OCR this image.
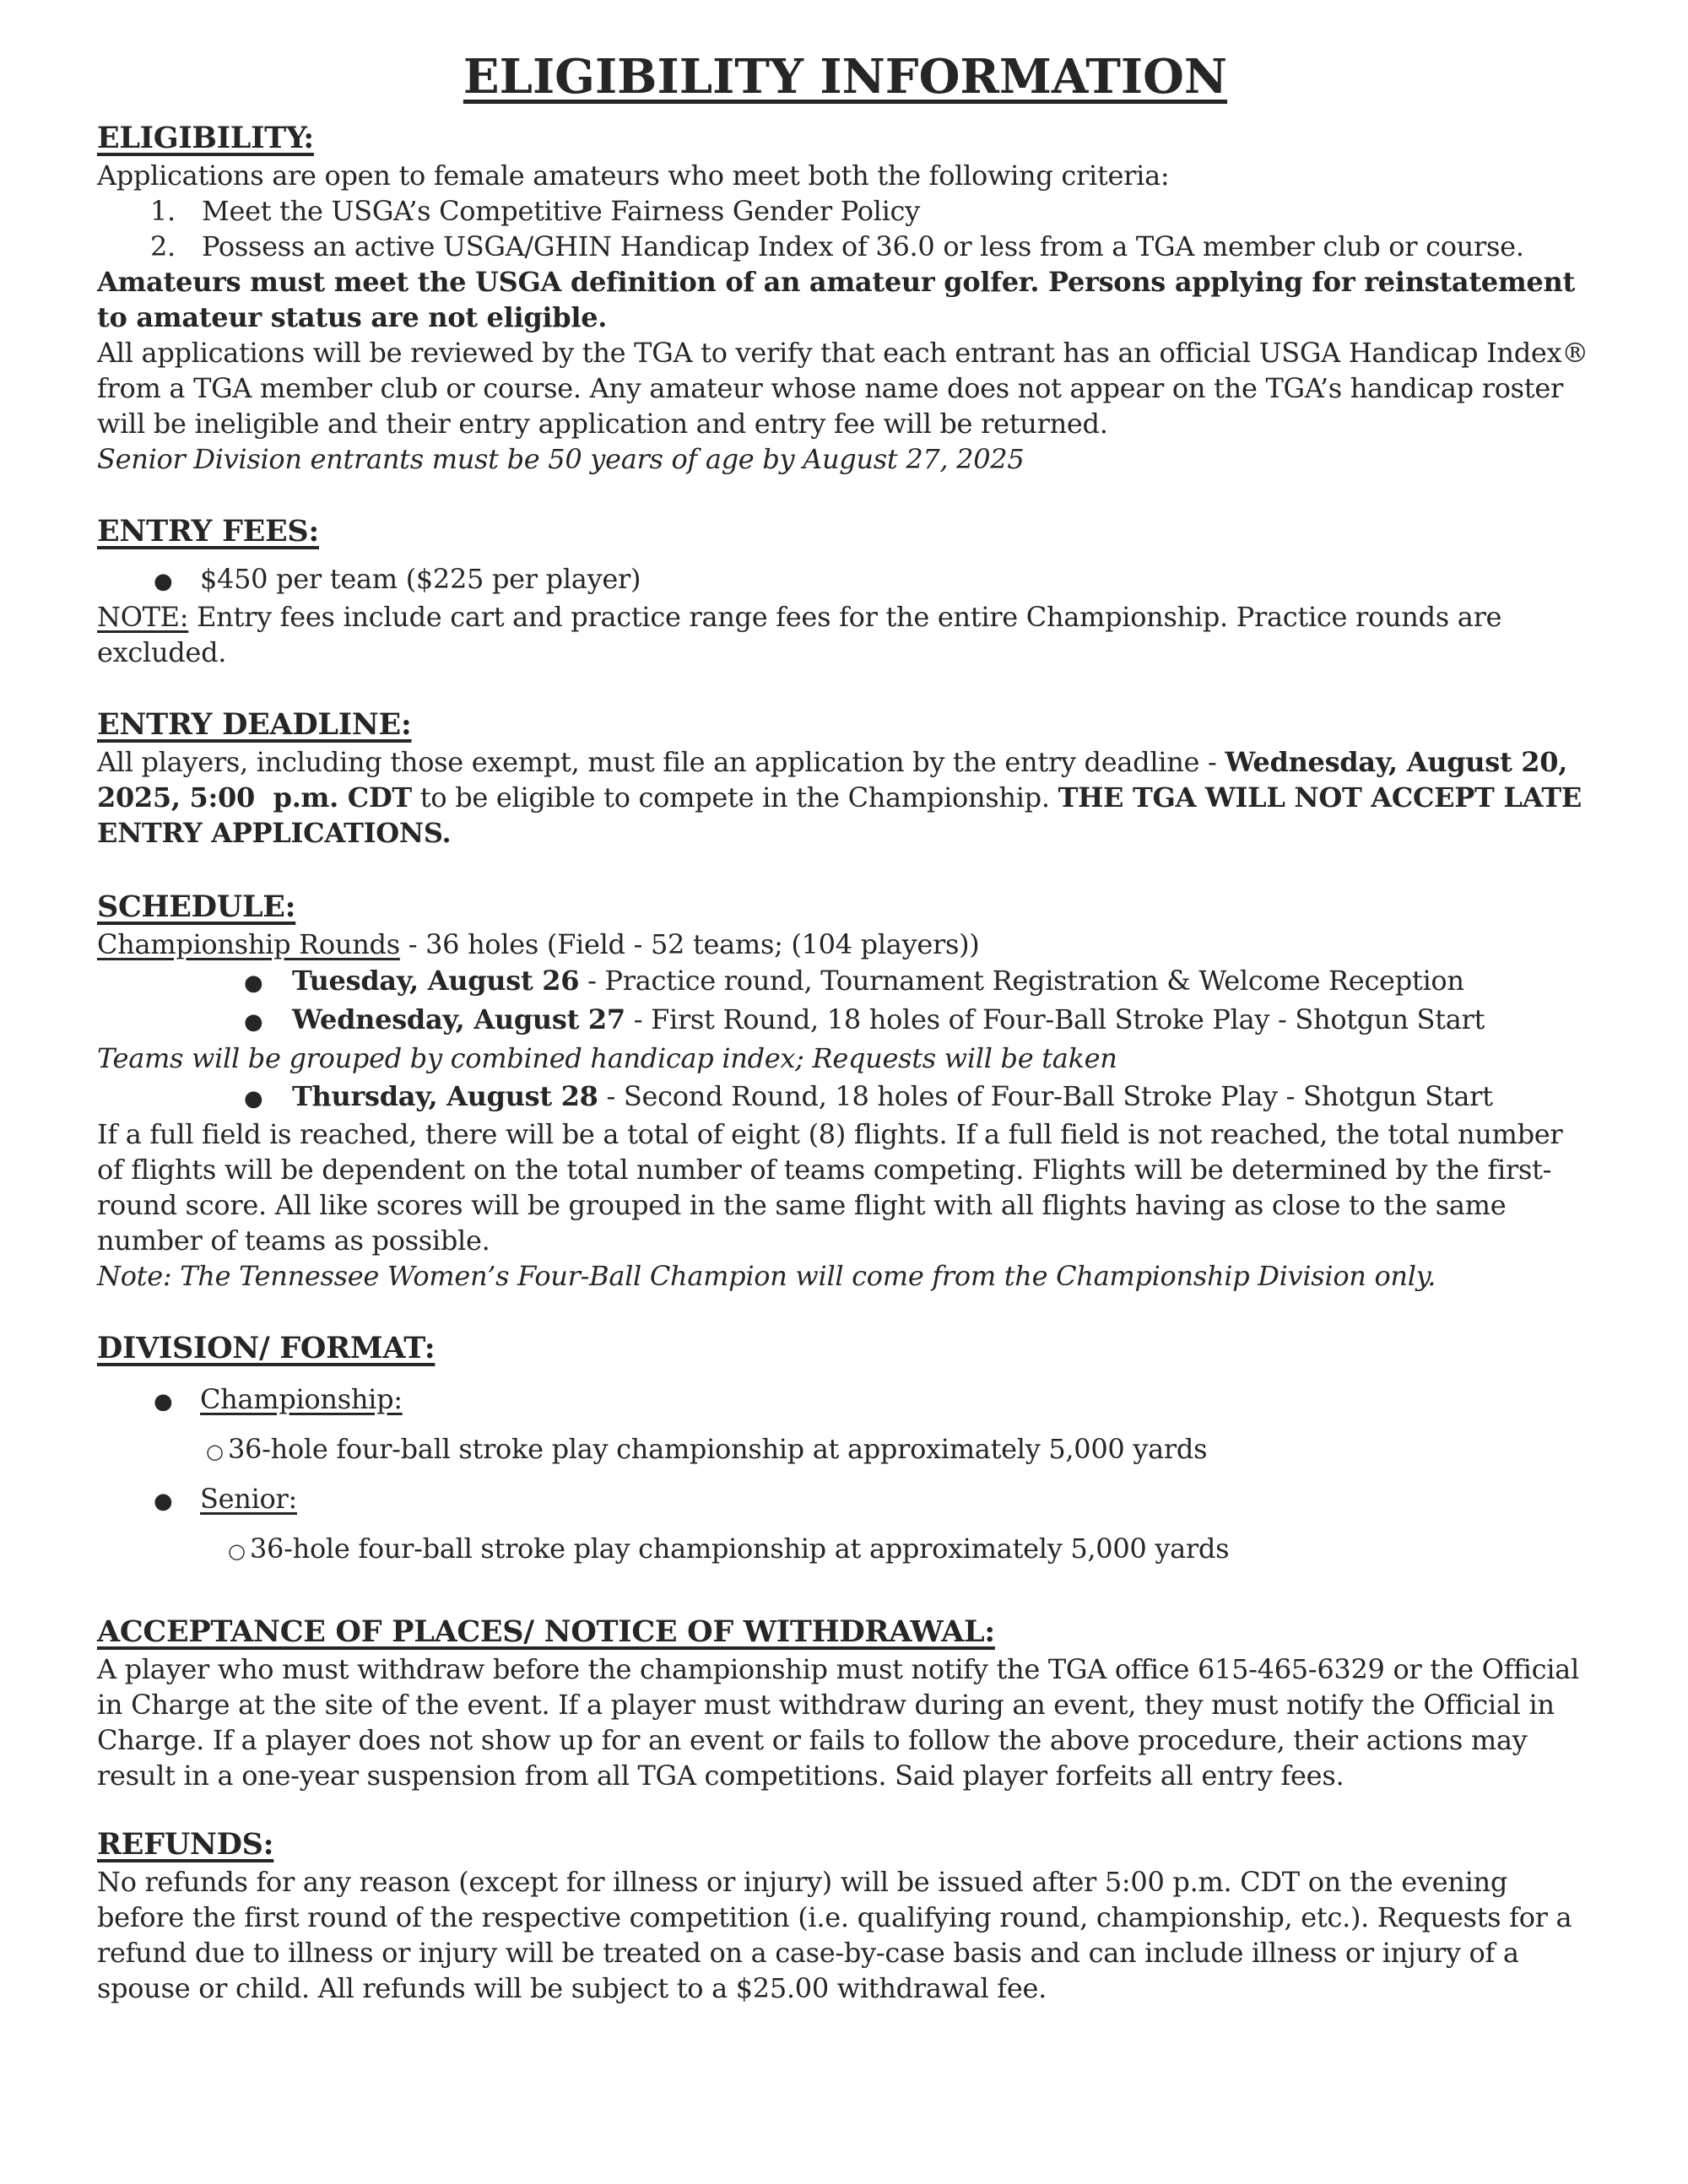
ELIGIBILITY INFORMATION
ELIGIBILITY:

Applications are open to female amateurs who meet both the following criteria:

1. Meet the USGA’s Competitive Fairness Gender Policy
2. Possess an active USGA/GHIN Handicap Index of 36.0 or less from a TGA member club or course.

Amateurs must meet the USGA definition of an amateur golfer. Persons applying for reinstatement to amateur status are not eligible.

All applications will be reviewed by the TGA to verify that each entrant has an official USGA Handicap Index®  from a TGA member club or course. Any amateur whose name does not appear on the TGA’s handicap roster will be ineligible and their entry application and entry fee will be returned.

Senior Division entrants must be 50 years of age by August 27, 2025

ENTRY FEES:
●	$450 per team ($225 per player)

NOTE: Entry fees include cart and practice range fees for the entire Championship. Practice rounds are excluded.

ENTRY DEADLINE:

All players, including those exempt, must file an application by the entry deadline - Wednesday, August 20, 2025, 5:00  p.m. CDT to be eligible to compete in the Championship. THE TGA WILL NOT ACCEPT LATE ENTRY APPLICATIONS.

SCHEDULE:

Championship Rounds - 36 holes (Field - 52 teams; (104 players))

●	Tuesday, August 26 - Practice round, Tournament Registration & Welcome Reception
●	Wednesday, August 27 - First Round, 18 holes of Four-Ball Stroke Play - Shotgun Start

Teams will be grouped by combined handicap index; Requests will be taken

●	Thursday, August 28 - Second Round, 18 holes of Four-Ball Stroke Play - Shotgun Start

If a full field is reached, there will be a total of eight (8) flights. If a full field is not reached, the total number of flights will be dependent on the total number of teams competing. Flights will be determined by the first-round score. All like scores will be grouped in the same flight with all flights having as close to the same number of teams as possible.

Note: The Tennessee Women’s Four-Ball Champion will come from the Championship Division only.

DIVISION/ FORMAT:
●	Championship:
○ 36-hole four-ball stroke play championship at approximately 5,000 yards
●	Senior:
○ 36-hole four-ball stroke play championship at approximately 5,000 yards
ACCEPTANCE OF PLACES/ NOTICE OF WITHDRAWAL:

A player who must withdraw before the championship must notify the TGA office 615-465-6329 or the Official in Charge at the site of the event. If a player must withdraw during an event, they must notify the Official in Charge. If a player does not show up for an event or fails to follow the above procedure, their actions may result in a one-year suspension from all TGA competitions. Said player forfeits all entry fees.

REFUNDS:

No refunds for any reason (except for illness or injury) will be issued after 5:00 p.m. CDT on the evening before the first round of the respective competition (i.e. qualifying round, championship, etc.). Requests for a refund due to illness or injury will be treated on a case-by-case basis and can include illness or injury of a spouse or child. All refunds will be subject to a $25.00 withdrawal fee.
